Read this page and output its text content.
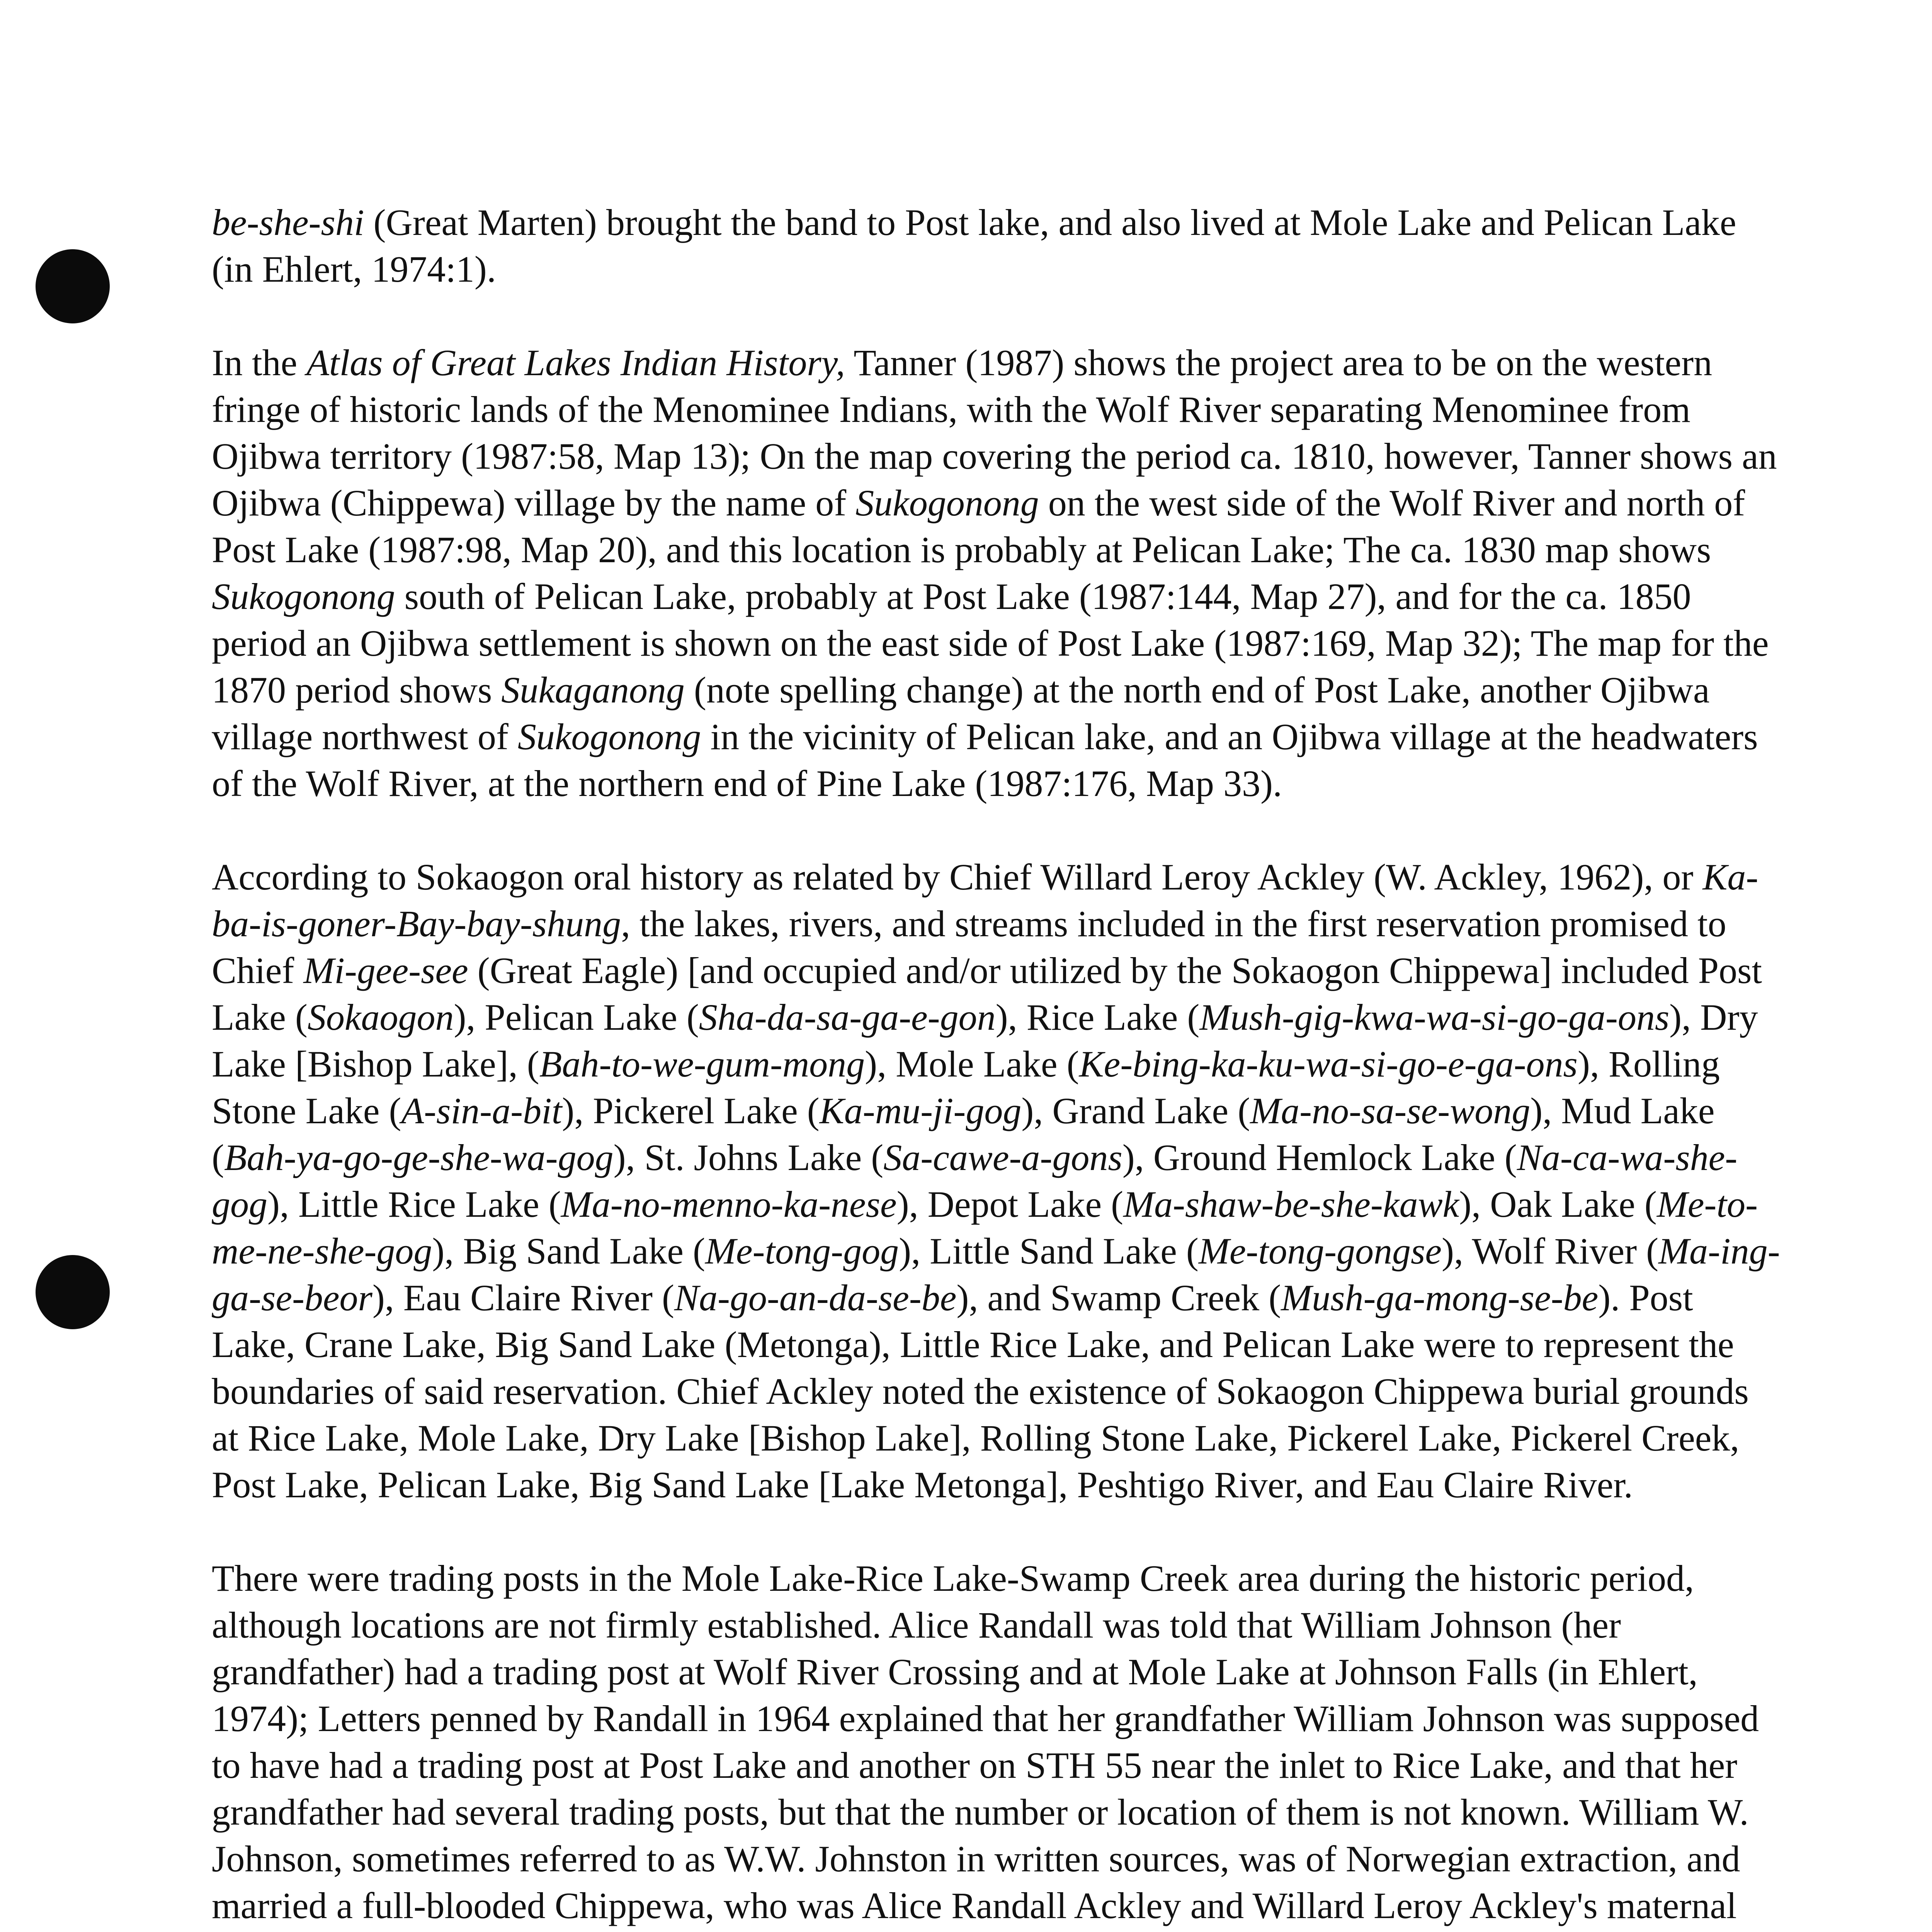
be-she-shi (Great Marten) brought the band to Post lake, and also lived at Mole Lake and Pelican Lake (in Ehlert, 1974:1).

In the Atlas of Great Lakes Indian History, Tanner (1987) shows the project area to be on the western fringe of historic lands of the Menominee Indians, with the Wolf River separating Menominee from Ojibwa territory (1987:58, Map 13); On the map covering the period ca. 1810, however, Tanner shows an Ojibwa (Chippewa) village by the name of Sukogonong on the west side of the Wolf River and north of Post Lake (1987:98, Map 20), and this location is probably at Pelican Lake; The ca. 1830 map shows Sukogonong south of Pelican Lake, probably at Post Lake (1987:144, Map 27), and for the ca. 1850 period an Ojibwa settlement is shown on the east side of Post Lake (1987:169, Map 32); The map for the 1870 period shows Sukaganong (note spelling change) at the north end of Post Lake, another Ojibwa village northwest of Sukogonong in the vicinity of Pelican lake, and an Ojibwa village at the headwaters of the Wolf River, at the northern end of Pine Lake (1987:176, Map 33).

According to Sokaogon oral history as related by Chief Willard Leroy Ackley (W. Ackley, 1962), or Ka-ba-is-goner-Bay-bay-shung, the lakes, rivers, and streams included in the first reservation promised to Chief Mi-gee-see (Great Eagle) [and occupied and/or utilized by the Sokaogon Chippewa] included Post Lake (Sokaogon), Pelican Lake (Sha-da-sa-ga-e-gon), Rice Lake (Mush-gig-kwa-wa-si-go-ga-ons), Dry Lake [Bishop Lake], (Bah-to-we-gum-mong), Mole Lake (Ke-bing-ka-ku-wa-si-go-e-ga-ons), Rolling Stone Lake (A-sin-a-bit), Pickerel Lake (Ka-mu-ji-gog), Grand Lake (Ma-no-sa-se-wong), Mud Lake (Bah-ya-go-ge-she-wa-gog), St. Johns Lake (Sa-cawe-a-gons), Ground Hemlock Lake (Na-ca-wa-she-gog), Little Rice Lake (Ma-no-menno-ka-nese), Depot Lake (Ma-shaw-be-she-kawk), Oak Lake (Me-to-me-ne-she-gog), Big Sand Lake (Me-tong-gog), Little Sand Lake (Me-tong-gongse), Wolf River (Ma-ing-ga-se-beor), Eau Claire River (Na-go-an-da-se-be), and Swamp Creek (Mush-ga-mong-se-be). Post Lake, Crane Lake, Big Sand Lake (Metonga), Little Rice Lake, and Pelican Lake were to represent the boundaries of said reservation. Chief Ackley noted the existence of Sokaogon Chippewa burial grounds at Rice Lake, Mole Lake, Dry Lake [Bishop Lake], Rolling Stone Lake, Pickerel Lake, Pickerel Creek, Post Lake, Pelican Lake, Big Sand Lake [Lake Metonga], Peshtigo River, and Eau Claire River.

There were trading posts in the Mole Lake-Rice Lake-Swamp Creek area during the historic period, although locations are not firmly established. Alice Randall was told that William Johnson (her grandfather) had a trading post at Wolf River Crossing and at Mole Lake at Johnson Falls (in Ehlert, 1974); Letters penned by Randall in 1964 explained that her grandfather William Johnson was supposed to have had a trading post at Post Lake and another on STH 55 near the inlet to Rice Lake, and that her grandfather had several trading posts, but that the number or location of them is not known. William W. Johnson, sometimes referred to as W.W. Johnston in written sources, was of Norwegian extraction, and married a full-blooded Chippewa, who was Alice Randall Ackley and Willard Leroy Ackley's maternal
